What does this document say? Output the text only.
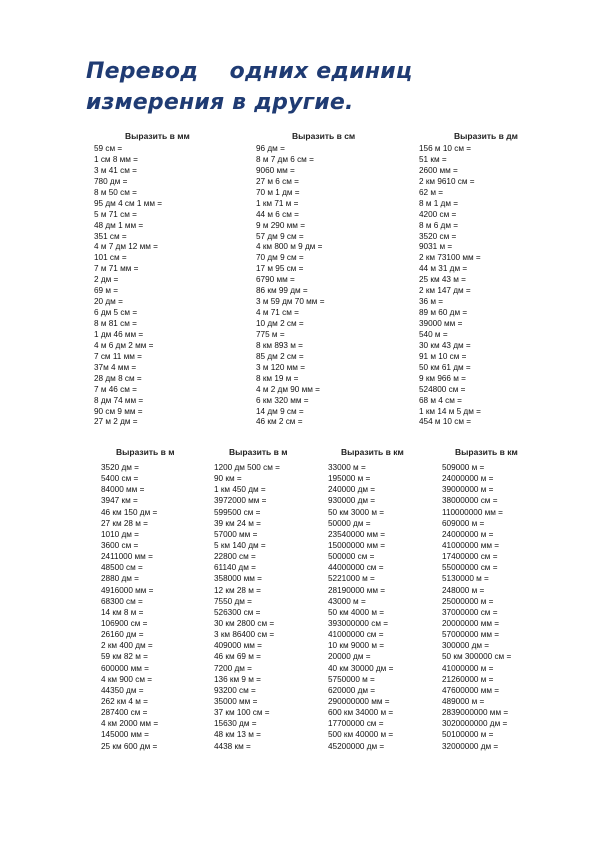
Перевод    одних единиц
измерения в другие.
Выразить в мм
59 см =
1 см 8 мм =
3 м 41 см =
780 дм =
8 м 50 см =
95 дм 4 см 1 мм =
5 м 71 см =
48 дм 1 мм =
351 см =
4 м 7 дм 12 мм =
101 см =
7 м 71 мм =
2 дм =
69 м =
20 дм =
6 дм 5 см =
8 м 81 см =
1 дм 46 мм =
4 м 6 дм 2 мм =
7 см 11 мм =
37м 4 мм =
28 дм 8 см =
7 м 46 см =
8 дм 74 мм =
90 см 9 мм =
27 м 2 дм =
Выразить в см
96 дм =
8 м 7 дм 6 см =
9060 мм =
27 м 6 см =
70 м 1 дм =
1 км 71 м =
44 м 6 см =
9 м 290 мм =
57 дм 9 см =
4 км 800 м 9 дм =
70 дм 9 см =
17 м 95 см =
6790 мм =
86 км 99 дм =
3 м 59 дм 70 мм =
4 м 71 см =
10 дм 2 см =
775 м =
8 км 893 м =
85 дм 2 см =
3 м 120 мм =
8 км 19 м =
4 м 2 дм 90 мм =
6 км 320 мм =
14 дм 9 см =
46 км 2 см =
Выразить в дм
156 м 10 см =
51 км =
2600 мм =
2 км 9610 см =
62 м =
8 м 1 дм =
4200 см =
8 м 6 дм =
3520 см =
9031 м =
2 км 73100 мм =
44 м 31 дм =
25 км 43 м =
2 км 147 дм =
36 м =
89 м 60 дм =
39000 мм =
540 м =
30 км 43 дм =
91 м 10 см =
50 км 61 дм =
9 км 966 м =
524800 см =
68 м 4 см =
1 км 14 м 5 дм =
454 м 10 см =
Выразить в м
3520 дм =
5400 см =
84000 мм =
3947 км =
46 км 150 дм =
27 км 28 м =
1010 дм =
3600 см =
2411000 мм =
48500 см =
2880 дм =
4916000 мм =
68300 см =
14 км 8 м =
106900 см =
26160 дм =
2 км 400 дм =
59 км 82 м =
600000 мм =
4 км 900 см =
44350 дм =
262 км 4 м =
287400 см =
4 км 2000 мм =
145000 мм =
25 км 600 дм =
Выразить в м
1200 дм 500 см =
90 км =
1 км 450 дм =
3972000 мм =
599500 см =
39 км 24 м =
57000 мм =
5 км 140 дм =
22800 см =
61140 дм =
358000 мм =
12 км 28 м =
7550 дм =
526300 см =
30 км 2800 см =
3 км 86400 см =
409000 мм =
46 км 69 м =
7200 дм =
136 км 9 м =
93200 см =
35000 мм =
37 км 100 см =
15630 дм =
48 км 13 м =
4438 км =
Выразить в км
33000 м =
195000 м =
240000 дм =
930000 дм =
50 км 3000 м =
50000 дм =
23540000 мм =
15000000 мм =
500000 см =
44000000 см =
5221000 м =
28190000 мм =
43000 м =
50 км 4000 м =
393000000 см =
41000000 см =
10 км 9000 м =
20000 дм =
40 км 30000 дм =
5750000 м =
620000 дм =
290000000 мм =
600 км 34000 м =
17700000 см =
500 км 40000 м =
45200000 дм =
Выразить в км
509000 м =
24000000 м =
39000000 м =
38000000 см =
110000000 мм =
609000 м =
24000000 м =
41000000 мм =
17400000 см =
55000000 см =
5130000 м =
248000 м =
25000000 м =
37000000 см =
20000000 мм =
57000000 мм =
300000 дм =
50 км 300000 см =
41000000 м =
21260000 м =
47600000 мм =
489000 м =
2839000000 мм =
3020000000 дм =
50100000 м =
32000000 дм =
